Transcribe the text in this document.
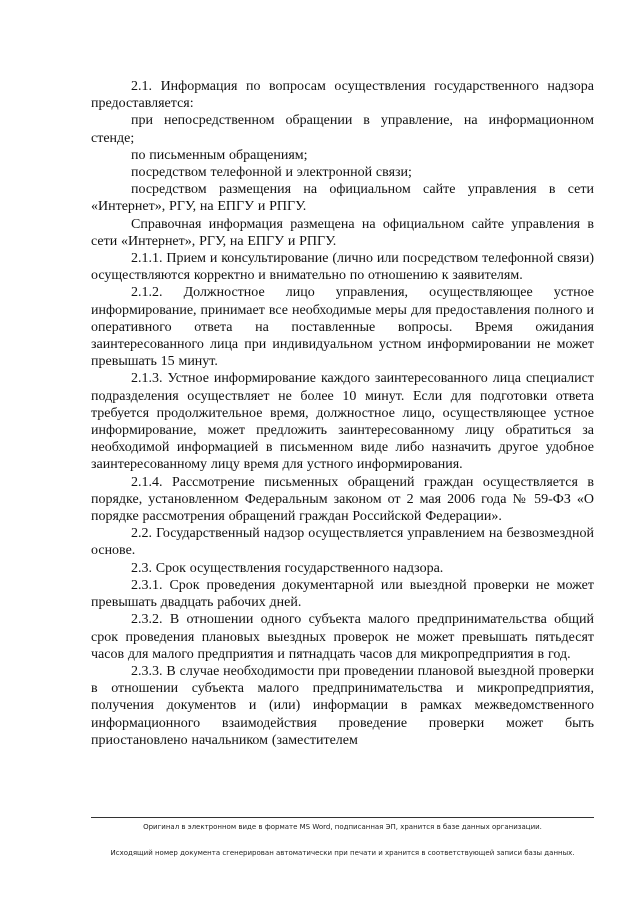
2.1. Информация по вопросам осуществления государственного надзора предоставляется:

при непосредственном обращении в управление, на информационном стенде;

по письменным обращениям;

посредством телефонной и электронной связи;

посредством размещения на официальном сайте управления в сети «Интернет», РГУ, на ЕПГУ и РПГУ.

Справочная информация размещена на официальном сайте управления в сети «Интернет», РГУ, на ЕПГУ и РПГУ.

2.1.1. Прием и консультирование (лично или посредством телефонной связи) осуществляются корректно и внимательно по отношению к заявителям.

2.1.2. Должностное лицо управления, осуществляющее устное информирование, принимает все необходимые меры для предоставления полного и оперативного ответа на поставленные вопросы. Время ожидания заинтересованного лица при индивидуальном устном информировании не может превышать 15 минут.

2.1.3. Устное информирование каждого заинтересованного лица специалист подразделения осуществляет не более 10 минут. Если для подготовки ответа требуется продолжительное время, должностное лицо, осуществляющее устное информирование, может предложить заинтересованному лицу обратиться за необходимой информацией в письменном виде либо назначить другое удобное заинтересованному лицу время для устного информирования.

2.1.4. Рассмотрение письменных обращений граждан осуществляется в порядке, установленном Федеральным законом от 2 мая 2006 года № 59-ФЗ «О порядке рассмотрения обращений граждан Российской Федерации».

2.2. Государственный надзор осуществляется управлением на безвозмездной основе.

2.3. Срок осуществления государственного надзора.

2.3.1. Срок проведения документарной или выездной проверки не может превышать двадцать рабочих дней.

2.3.2. В отношении одного субъекта малого предпринимательства общий срок проведения плановых выездных проверок не может превышать пятьдесят часов для малого предприятия и пятнадцать часов для микропредприятия в год.

2.3.3. В случае необходимости при проведении плановой выездной проверки в отношении субъекта малого предпринимательства и микропредприятия, получения документов и (или) информации в рамках межведомственного информационного взаимодействия проведение проверки может быть приостановлено начальником (заместителем

Оригинал в электронном виде в формате MS Word, подписанная ЭП, хранится в базе данных организации.
Исходящий номер документа сгенерирован автоматически при печати и хранится в соответствующей записи базы данных.
